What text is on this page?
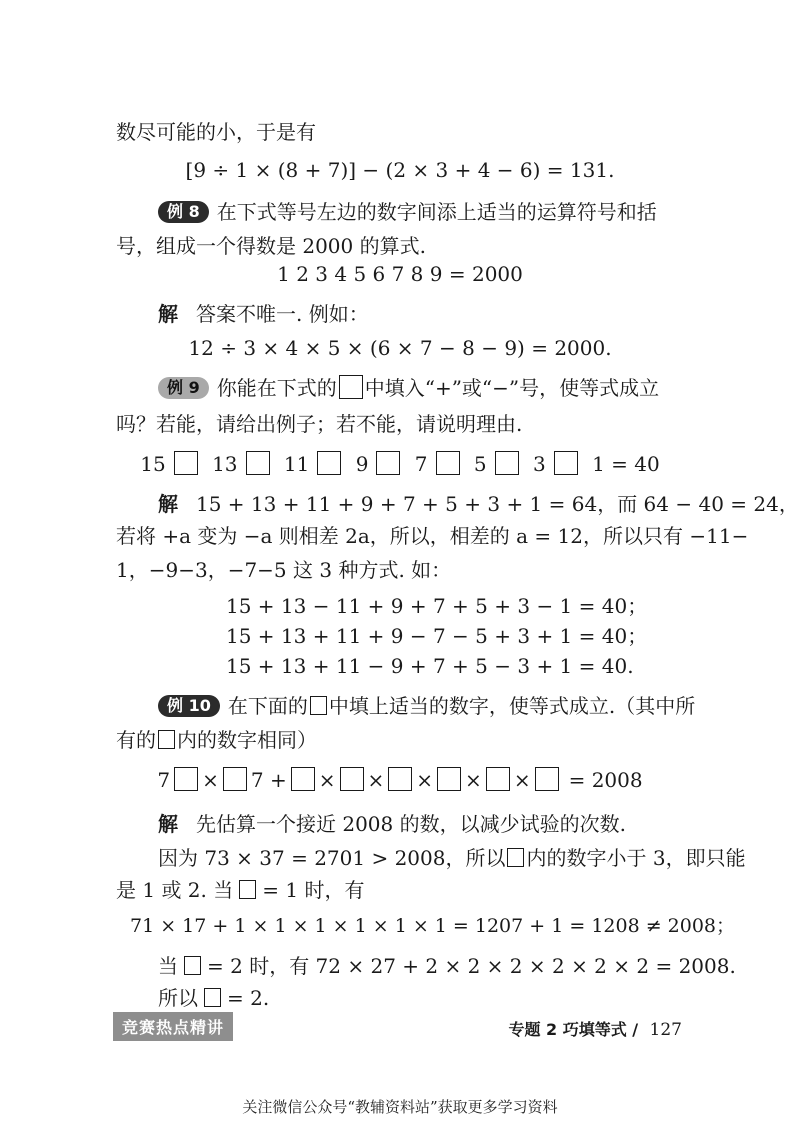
数尽可能的小，于是有
[9 ÷ 1 × (8 + 7)] − (2 × 3 + 4 − 6) = 131.
例 8 在下式等号左边的数字间添上适当的运算符号和括
号，组成一个得数是 2000 的算式.
1 2 3 4 5 6 7 8 9 = 2000
解 答案不唯一. 例如：
12 ÷ 3 × 4 × 5 × (6 × 7 − 8 − 9) = 2000.
例 9 你能在下式的 中填入“+”或“−”号，使等式成立
吗？若能，请给出例子；若不能，请说明理由.
15 13 11 9 7 5 3 1 = 40
解 15 + 13 + 11 + 9 + 7 + 5 + 3 + 1 = 64，而 64 − 40 = 24，
若将 +a 变为 −a 则相差 2a，所以，相差的 a = 12，所以只有 −11−
1，−9−3，−7−5 这 3 种方式. 如：
15 + 13 − 11 + 9 + 7 + 5 + 3 − 1 = 40；
15 + 13 + 11 + 9 − 7 − 5 + 3 + 1 = 40；
15 + 13 + 11 − 9 + 7 + 5 − 3 + 1 = 40.
例 10 在下面的 中填上适当的数字，使等式成立.（其中所
有的 内的数字相同）
7 × 7 + × × × × × = 2008
解 先估算一个接近 2008 的数，以减少试验的次数.
因为 73 × 37 = 2701 > 2008，所以 内的数字小于 3，即只能
是 1 或 2. 当 = 1 时，有
71 × 17 + 1 × 1 × 1 × 1 × 1 × 1 = 1207 + 1 = 1208 ≠ 2008；
当 = 2 时，有 72 × 27 + 2 × 2 × 2 × 2 × 2 × 2 = 2008.
所以 = 2.
竞赛热点精讲	专题 2 巧填等式 / 127
关注微信公众号“教辅资料站”获取更多学习资料
